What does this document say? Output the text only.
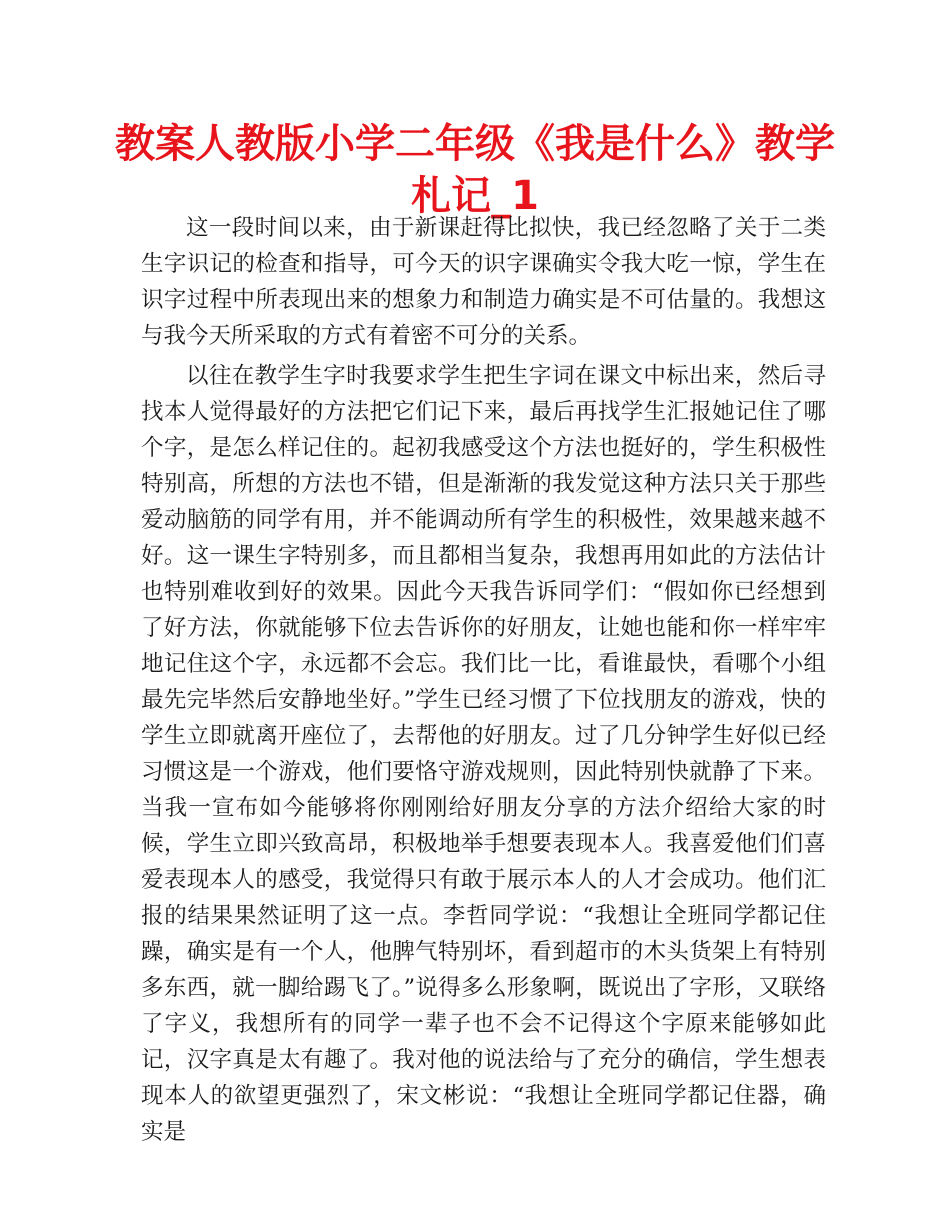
教案人教版小学二年级《我是什么》教学札记_1

这一段时间以来，由于新课赶得比拟快，我已经忽略了关于二类生字识记的检查和指导，可今天的识字课确实令我大吃一惊，学生在识字过程中所表现出来的想象力和制造力确实是不可估量的。我想这与我今天所采取的方式有着密不可分的关系。

以往在教学生字时我要求学生把生字词在课文中标出来，然后寻找本人觉得最好的方法把它们记下来，最后再找学生汇报她记住了哪个字，是怎么样记住的。起初我感受这个方法也挺好的，学生积极性特别高，所想的方法也不错，但是渐渐的我发觉这种方法只关于那些爱动脑筋的同学有用，并不能调动所有学生的积极性，效果越来越不好。这一课生字特别多，而且都相当复杂，我想再用如此的方法估计也特别难收到好的效果。因此今天我告诉同学们：“假如你已经想到了好方法，你就能够下位去告诉你的好朋友，让她也能和你一样牢牢地记住这个字，永远都不会忘。我们比一比，看谁最快，看哪个小组最先完毕然后安静地坐好。”学生已经习惯了下位找朋友的游戏，快的学生立即就离开座位了，去帮他的好朋友。过了几分钟学生好似已经习惯这是一个游戏，他们要恪守游戏规则，因此特别快就静了下来。当我一宣布如今能够将你刚刚给好朋友分享的方法介绍给大家的时候，学生立即兴致高昂，积极地举手想要表现本人。我喜爱他们们喜爱表现本人的感受，我觉得只有敢于展示本人的人才会成功。他们汇报的结果果然证明了这一点。李哲同学说：“我想让全班同学都记住躁，确实是有一个人，他脾气特别坏，看到超市的木头货架上有特别多东西，就一脚给踢飞了。”说得多么形象啊，既说出了字形，又联络了字义，我想所有的同学一辈子也不会不记得这个字原来能够如此记，汉字真是太有趣了。我对他的说法给与了充分的确信，学生想表现本人的欲望更强烈了，宋文彬说：“我想让全班同学都记住器，确实是
